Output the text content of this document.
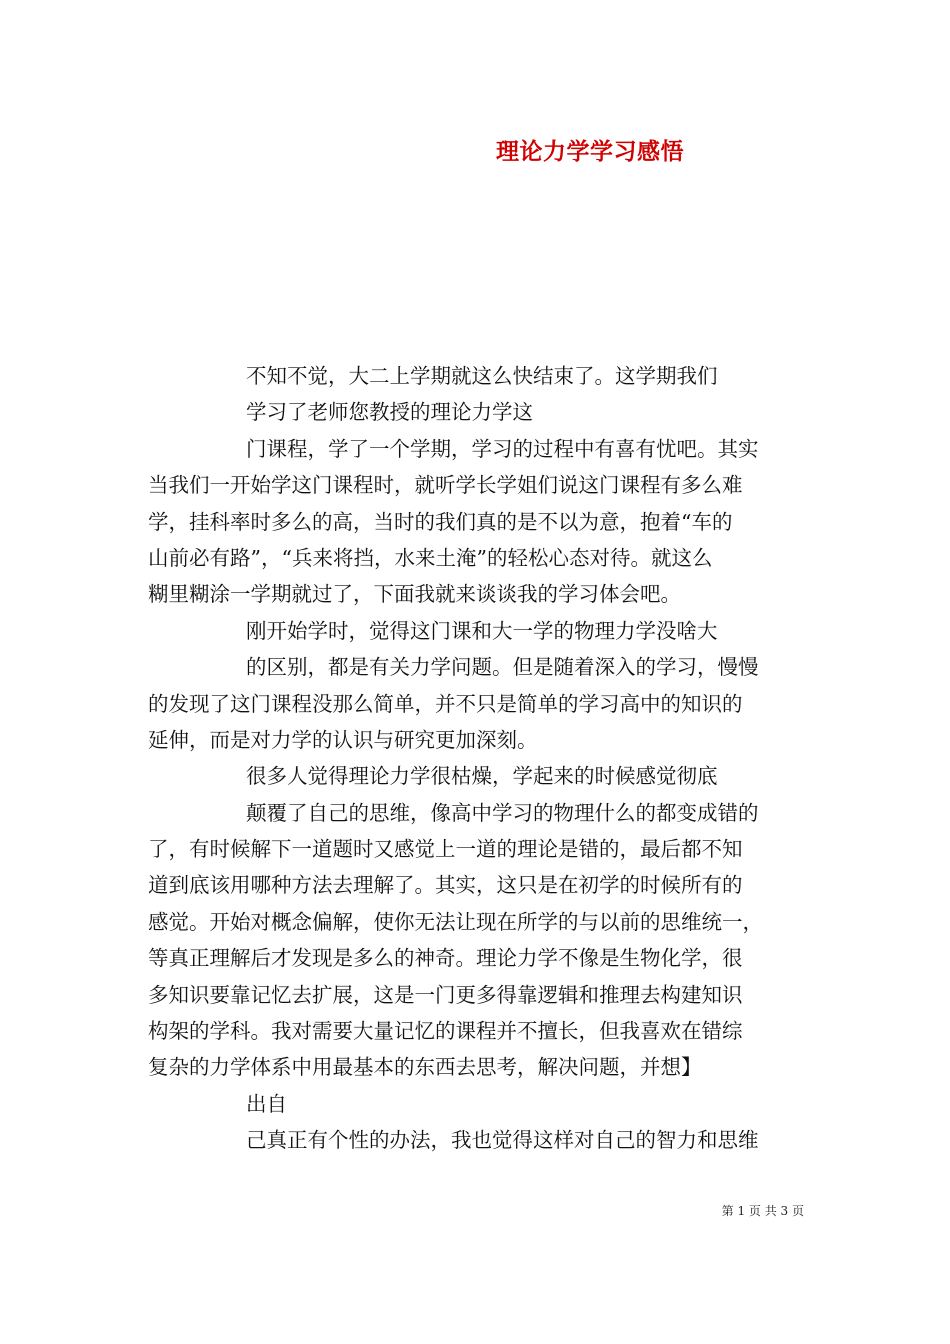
理论力学学习感悟
不知不觉，大二上学期就这么快结束了。这学期我们
学习了老师您教授的理论力学这
门课程，学了一个学期，学习的过程中有喜有忧吧。其实
当我们一开始学这门课程时，就听学长学姐们说这门课程有多么难
学，挂科率时多么的高，当时的我们真的是不以为意，抱着“车的
山前必有路”，“兵来将挡，水来土淹”的轻松心态对待。就这么
糊里糊涂一学期就过了，下面我就来谈谈我的学习体会吧。
刚开始学时，觉得这门课和大一学的物理力学没啥大
的区别，都是有关力学问题。但是随着深入的学习，慢慢
的发现了这门课程没那么简单，并不只是简单的学习高中的知识的
延伸，而是对力学的认识与研究更加深刻。
很多人觉得理论力学很枯燥，学起来的时候感觉彻底
颠覆了自己的思维，像高中学习的物理什么的都变成错的
了，有时候解下一道题时又感觉上一道的理论是错的，最后都不知
道到底该用哪种方法去理解了。其实，这只是在初学的时候所有的
感觉。开始对概念偏解，使你无法让现在所学的与以前的思维统一，
等真正理解后才发现是多么的神奇。理论力学不像是生物化学，很
多知识要靠记忆去扩展，这是一门更多得靠逻辑和推理去构建知识
构架的学科。我对需要大量记忆的课程并不擅长，但我喜欢在错综
复杂的力学体系中用最基本的东西去思考，解决问题，并想】
出自
己真正有个性的办法，我也觉得这样对自己的智力和思维
第 1 页 共 3 页
